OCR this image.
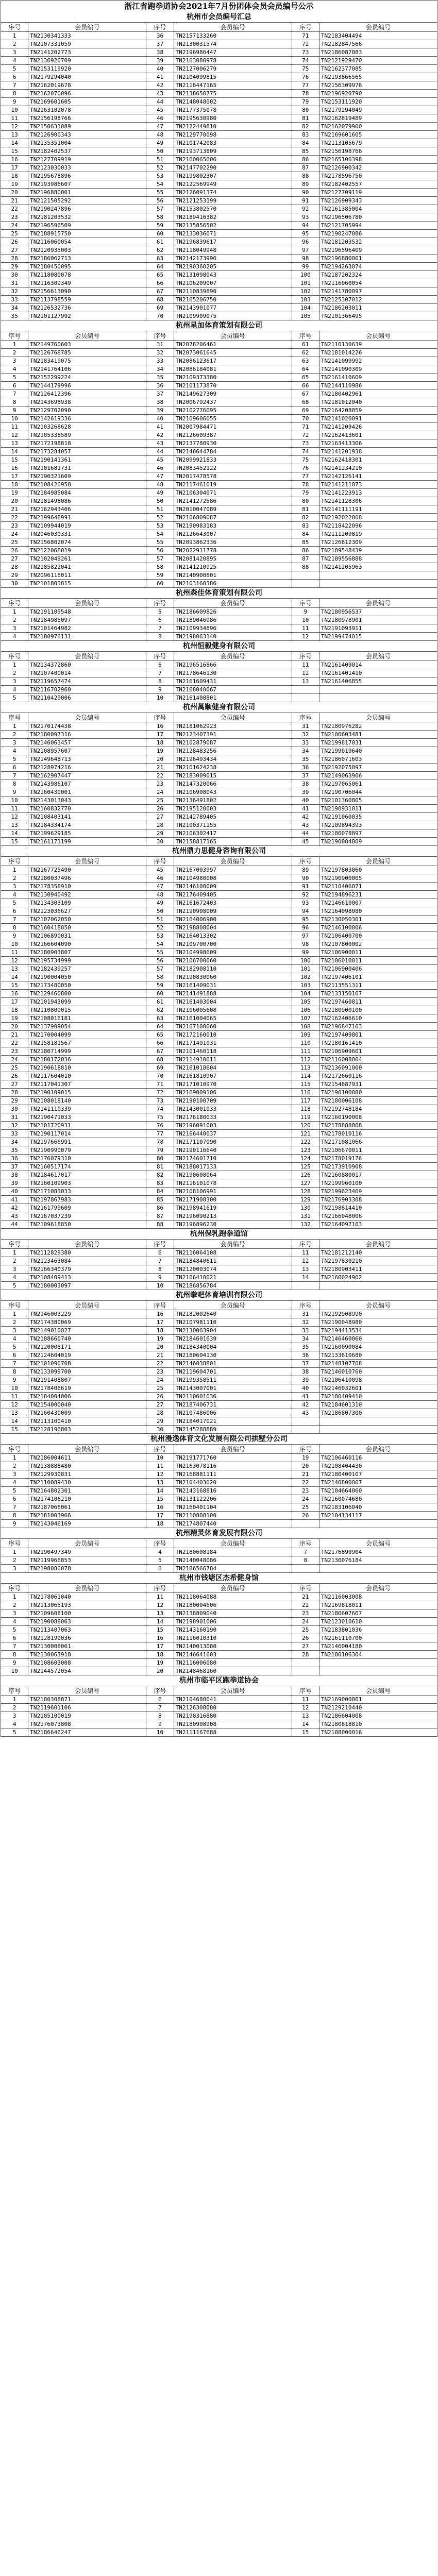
浙江省跑拳道协会2021年7月份团体会员会员编号公示
杭州市会员编号汇总
序号	会员编号	序号	会员编号	序号	会员编号
1	TN2130341333	36	TN2157133260	71	TN2183404494
2	TN2107331059	37	TN2130031574	72	TN2182847566
3	TN2141202773	38	TN2196986447	73	TN2186087083
4	TN2136920709	39	TN2163080978	74	TN2121929470
5	TN2153119920	40	TN2127006279	75	TN2162377085
6	TN2179294040	41	TN2104099815	76	TN2193866565
7	TN2162019678	42	TN2118447165	77	TN2156309976
8	TN2162070096	43	TN2138650775	78	TN2196920790
9	TN2169601605	44	TN2148048002	79	TN2153111920
10	TN2163102078	45	TN2177375078	80	TN2179294049
11	TN2156198766	46	TN2195630980	81	TN2162819489
12	TN2150631089	47	TN2122449810	82	TN2162079900
13	TN2126900343	48	TN2129770098	83	TN2169601605
14	TN2135351004	49	TN2101742083	84	TN2113105679
15	TN2182402537	50	TN2193713809	85	TN2156198766
16	TN2127709919	51	TN2160065606	86	TN2165106398
17	TN2123030033	52	TN2147702290	87	TN2126900342
18	TN2195678896	53	TN2199802307	88	TN2178596750
19	TN2193986607	54	TN2122569949	89	TN2182402557
20	TN2196880001	55	TN2126091374	90	TN2127709119
21	TN2121505292	56	TN2121253199	91	TN2126909343
22	TN2190247896	57	TN2153802570	92	TN2161385004
23	TN2181203532	58	TN2189416382	93	TN2196506780
24	TN2196596509	59	TN2135856502	94	TN2121705994
25	TN2188915750	60	TN2133036071	95	TN2190247086
26	TN2116060054	61	TN2196839617	96	TN2181203532
27	TN2120935003	62	TN2118049948	97	TN2196596409
28	TN2186062713	63	TN2142173996	98	TN2196880001
29	TN2180450095	64	TN2190360205	99	TN2194263074
30	TN2118080078	65	TN2131098043	100	TN2187202324
31	TN2116309349	66	TN2106209007	101	TN2116060054
32	TN2156613090	67	TN2110839890	102	TN2141780097
33	TN2113798559	68	TN2165206750	103	TN2125307012
34	TN2126532736	69	TN2143901077	104	TN2186203011
35	TN2101127992	70	TN2109909075	105	TN2101366495
杭州星加体育策划有限公司
序号	会员编号	序号	会员编号	序号	会员编号
1	TN2149760603	31	TN2078206461	61	TN2110130639
2	TN2126768785	32	TN2073061645	62	TN2181014226
3	TN2183419075	33	TN2086123617	63	TN2141099992
4	TN2141764106	34	TN2086184081	64	TN2141090309
5	TN2152299224	35	TN2109373380	65	TN2161410609
6	TN2144179996	36	TN2101173870	66	TN2144110986
7	TN2126412396	37	TN2149627309	67	TN2180402961
8	TN2143698938	38	TN2006792437	68	TN2181012040
9	TN2129702090	39	TN2102776095	69	TN2164208059
10	TN2142619336	40	TN2109606055	70	TN2141020091
11	TN2103268628	41	TN2007984471	71	TN2141209426
12	TN2105338589	42	TN2126609387	72	TN2162413601
13	TN2172198818	43	TN2137780930	73	TN2163413306
14	TN2173284057	44	TN2146644784	74	TN2141201938
15	TN2190141361	45	TN2099921833	75	TN2162418301
16	TN2101681731	46	TN2083452122	76	TN2141234210
17	TN2190321609	47	TN2017478578	77	TN2142126141
18	TN2108426958	48	TN2117461019	78	TN2141211873
19	TN2184985084	49	TN2106304071	79	TN2141223913
20	TN2181498086	50	TN2141272586	80	TN2141128306
21	TN2162943406	51	TN2010047089	81	TN2141111191
22	TN2199648991	52	TN2106809087	82	TN2192022008
23	TN2109944019	53	TN2190983183	83	TN2118422096
24	TN2046030331	54	TN2126643007	84	TN2111209819
25	TN2156802074	55	TN2093862336	85	TN2126812309
26	TN2122068019	56	TN2022911778	86	TN2189548439
27	TN2102049261	57	TN2081420895	87	TN2189556888
28	TN2185822041	58	TN2141210925	88	TN2141205963
29	TN2096116011	59	TN2140900801		
30	TN2101803815	60	TN2103160386		
杭州森佳体育策划有限公司
序号	会员编号	序号	会员编号	序号	会员编号
1	TN2191109548	5	TN2186609826	9	TN2180956537
2	TN2184985097	6	TN2189046986	10	TN2180978901
3	TN2101464982	7	TN2109934896	11	TN2191093911
4	TN2180976131	8	TN2198063140	12	TN2199474015
杭州恒毅健身有限公司
序号	会员编号	序号	会员编号	序号	会员编号
1	TN2134372860	6	TN2196516866	11	TN2161409014
2	TN2107400014	7	TN2178646130	12	TN2161401410
3	TN2119657474	8	TN2161609431	13	TN2161406855
4	TN2116702960	9	TN2168040067		
5	TN2110429006	10	TN2161408801		
杭州萬顺健身有限公司
序号	会员编号	序号	会员编号	序号	会员编号
1	TN2170174438	16	TN2181062923	31	TN2180976282
2	TN2180097316	17	TN2123407391	32	TN2100603481
3	TN2146063457	18	TN2102879087	33	TN2199817031
4	TN2108957607	19	TN2128483256	34	TN2199019640
5	TN2149648713	20	TN2196493434	35	TN2186071603
6	TN2128974216	21	TN2101624238	36	TN2192075097
7	TN2162907447	22	TN2183009015	37	TN2149063906
8	TN2143986107	23	TN2147320066	38	TN2197065061
9	TN2160430001	24	TN2106908043	39	TN2190706044
10	TN2143013043	25	TN2136491802	40	TN2101360805
11	TN2160832770	26	TN2195120003	41	TN2190931011
12	TN2108403141	27	TN2142789405	42	TN2191060035
13	TN2184334174	28	TN2100371155	43	TN2109894393
14	TN2199629185	29	TN2106302417	44	TN2180078897
15	TN2161171199	30	TN2158817165	45	TN2190084809
杭州鼎力思健身咨询有限公司
序号	会员编号	序号	会员编号	序号	会员编号
1	TN2167725490	45	TN2167003997	89	TN2197803060
2	TN2180037496	46	TN2104980008	90	TN2190900005
3	TN2178358910	47	TN2146100009	91	TN2110406071
4	TN2130940492	48	TN2176409405	92	TN2194896231
5	TN2134303109	49	TN2161672403	93	TN2146610007
6	TN2123036627	50	TN2190908009	94	TN2164098080
7	TN2107062050	51	TN2164006900	95	TN2130050301
8	TN2160418850	52	TN2198808004	96	TN2146100006
9	TN2106890031	53	TN2164013302	97	TN2106400700
10	TN2166604090	54	TN2109700700	98	TN2107800002
11	TN2180903807	55	TN2104998609	99	TN2106900011
12	TN2195734999	56	TN2106700060	100	TN2106010011
13	TN2182439257	57	TN2182908110	101	TN2106900406
14	TN2190004050	58	TN2190830060	102	TN2197406101
15	TN2173480050	59	TN2161409031	103	TN2113551311
16	TN2129460800	60	TN2141491888	104	TN2133150167
17	TN2101943099	61	TN2161403004	105	TN2197460811
18	TN2110809015	62	TN2106005608	106	TN2180900100
19	TN2108016181	63	TN2161004065	107	TN2162406610
20	TN2137909054	64	TN2167100060	108	TN2196847163
21	TN2170004099	65	TN2172160010	109	TN2197409801
22	TN2158181567	66	TN2171491031	110	TN2180161410
23	TN2180714999	67	TN2101460118	111	TN2106909601
24	TN2180172036	68	TN2114910611	112	TN2116008004
25	TN2190618810	69	TN2161018604	113	TN2136091000
26	TN2117604010	70	TN2161810907	114	TN2172660116
27	TN2117041307	71	TN2171010970	115	TN2154887931
28	TN2190109015	72	TN2169009106	116	TN2190100080
29	TN2108018140	73	TN2190100709	117	TN2180006108
30	TN2141110339	74	TN2143001033	118	TN2192748184
31	TN2190471033	75	TN2176180033	119	TN2160190008
32	TN2101720931	76	TN2196091003	120	TN2178888808
33	TN2190117014	77	TN2166440037	121	TN2178010116
34	TN2197666991	78	TN2171107090	122	TN2171081066
35	TN2190990079	79	TN2190116640	123	TN2106670011
36	TN2176079310	80	TN2174601710	124	TN2178019176
37	TN2160517174	81	TN2188017133	125	TN2173910908
38	TN2184617017	82	TN2190608064	126	TN2160880017
39	TN2160109903	83	TN2116101078	127	TN2199960100
40	TN2171083033	84	TN2108106991	128	TN2199623469
41	TN2197867983	85	TN2171908300	129	TN2176903308
42	TN2161799609	86	TN2198941619	130	TN2198814410
43	TN2167037239	87	TN2196090213	131	TN2166048006
44	TN2109618850	88	TN2196896230	132	TN2164097103
杭州保乳跑拳道馆
序号	会员编号	序号	会员编号	序号	会员编号
1	TN2112829380	6	TN2116064108	11	TN2181212140
2	TN2123463084	7	TN2184840611	12	TN2197830210
3	TN2166340379	8	TN2120003074	13	TN2180903411
4	TN2108409413	9	TN2106410021	14	TN2160024902
5	TN2180003097	10	TN2186856784		
杭州拳吧体育培训有限公司
序号	会员编号	序号	会员编号	序号	会员编号
1	TN2146003229	16	TN2182002640	31	TN2192908990
2	TN2174380069	17	TN2107981110	32	TN2190048980
3	TN2149010027	18	TN2130063904	33	TN2194413534
4	TN2188660740	19	TN2184601639	34	TN2146460060
5	TN2120008171	20	TN2184340004	35	TN2160090084
6	TN2124604019	21	TN2180604130	36	TN2133610680
7	TN2101090708	22	TN2146038801	37	TN2148107708
8	TN2133099700	23	TN2119604701	38	TN2146010760
9	TN2191408807	24	TN2199358511	39	TN2106410098
10	TN2178406619	25	TN2143007001	40	TN2146032601
11	TN2184004006	26	TN2110601036	41	TN2180409410
12	TN2154000040	27	TN2187406731	42	TN2184601310
13	TN2160430009	28	TN2107486006	43	TN2186807300
14	TN2113100410	29	TN2184017021		
15	TN2128196803	30	TN2145288889		
杭州漫逸体育文化发展有限公司拱墅分公司
序号	会员编号	序号	会员编号	序号	会员编号
1	TN2186004611	10	TN2191771760	19	TN2106460116
2	TN2138888480	11	TN2163078116	20	TN2108404430
3	TN2129930831	12	TN2168881111	21	TN2180400107
4	TN2110089430	13	TN2104403020	22	TN2140800007
5	TN2164802301	14	TN2143168816	23	TN2104664060
6	TN2174106210	15	TN2131122206	24	TN2160074680
7	TN2187066061	16	TN2160401104	25	TN2183106040
8	TN2181003966	17	TN2110808100	26	TN2104134117
9	TN2143046169	18	TN2174807440		
杭州精灵体育发展有限公司
序号	会员编号	序号	会员编号	序号	会员编号
1	TN2190497349	4	TN2180608184	7	TN2176890904
2	TN2119966853	5	TN2140048086	8	TN2130076184
3	TN2198086078	6	TN2186566784		
杭州市钱塘区杰希健身馆
序号	会员编号	序号	会员编号	序号	会员编号
1	TN2178061040	11	TN2118064088	21	TN2116003008
2	TN2113065193	12	TN2180004606	22	TN2169818011
3	TN2109608100	13	TN2138809040	23	TN2180607607
4	TN2190088063	14	TN2198901006	24	TN2123010610
5	TN2113407063	15	TN2143160190	25	TN2183801036
6	TN2128190036	16	TN2116010310	26	TN2161110700
7	TN2130008061	17	TN2140013080	27	TN2146004180
8	TN2130063918	18	TN2146641603	28	TN2180106304
9	TN2108603008	19	TN2116006080		
10	TN2144572054	20	TN2148468160		
杭州市临平区跑拳道协会
序号	会员编号	序号	会员编号	序号	会员编号
1	TN2180308871	6	TN2104680041	11	TN2169000801
2	TN2119601106	7	TN2126308080	12	TN2129210440
3	TN2105100019	8	TN2190316880	13	TN2186604008
4	TN2176073808	9	TN2180908908	14	TN2180818810
5	TN2186646247	10	TN2111167688	15	TN2108000016
